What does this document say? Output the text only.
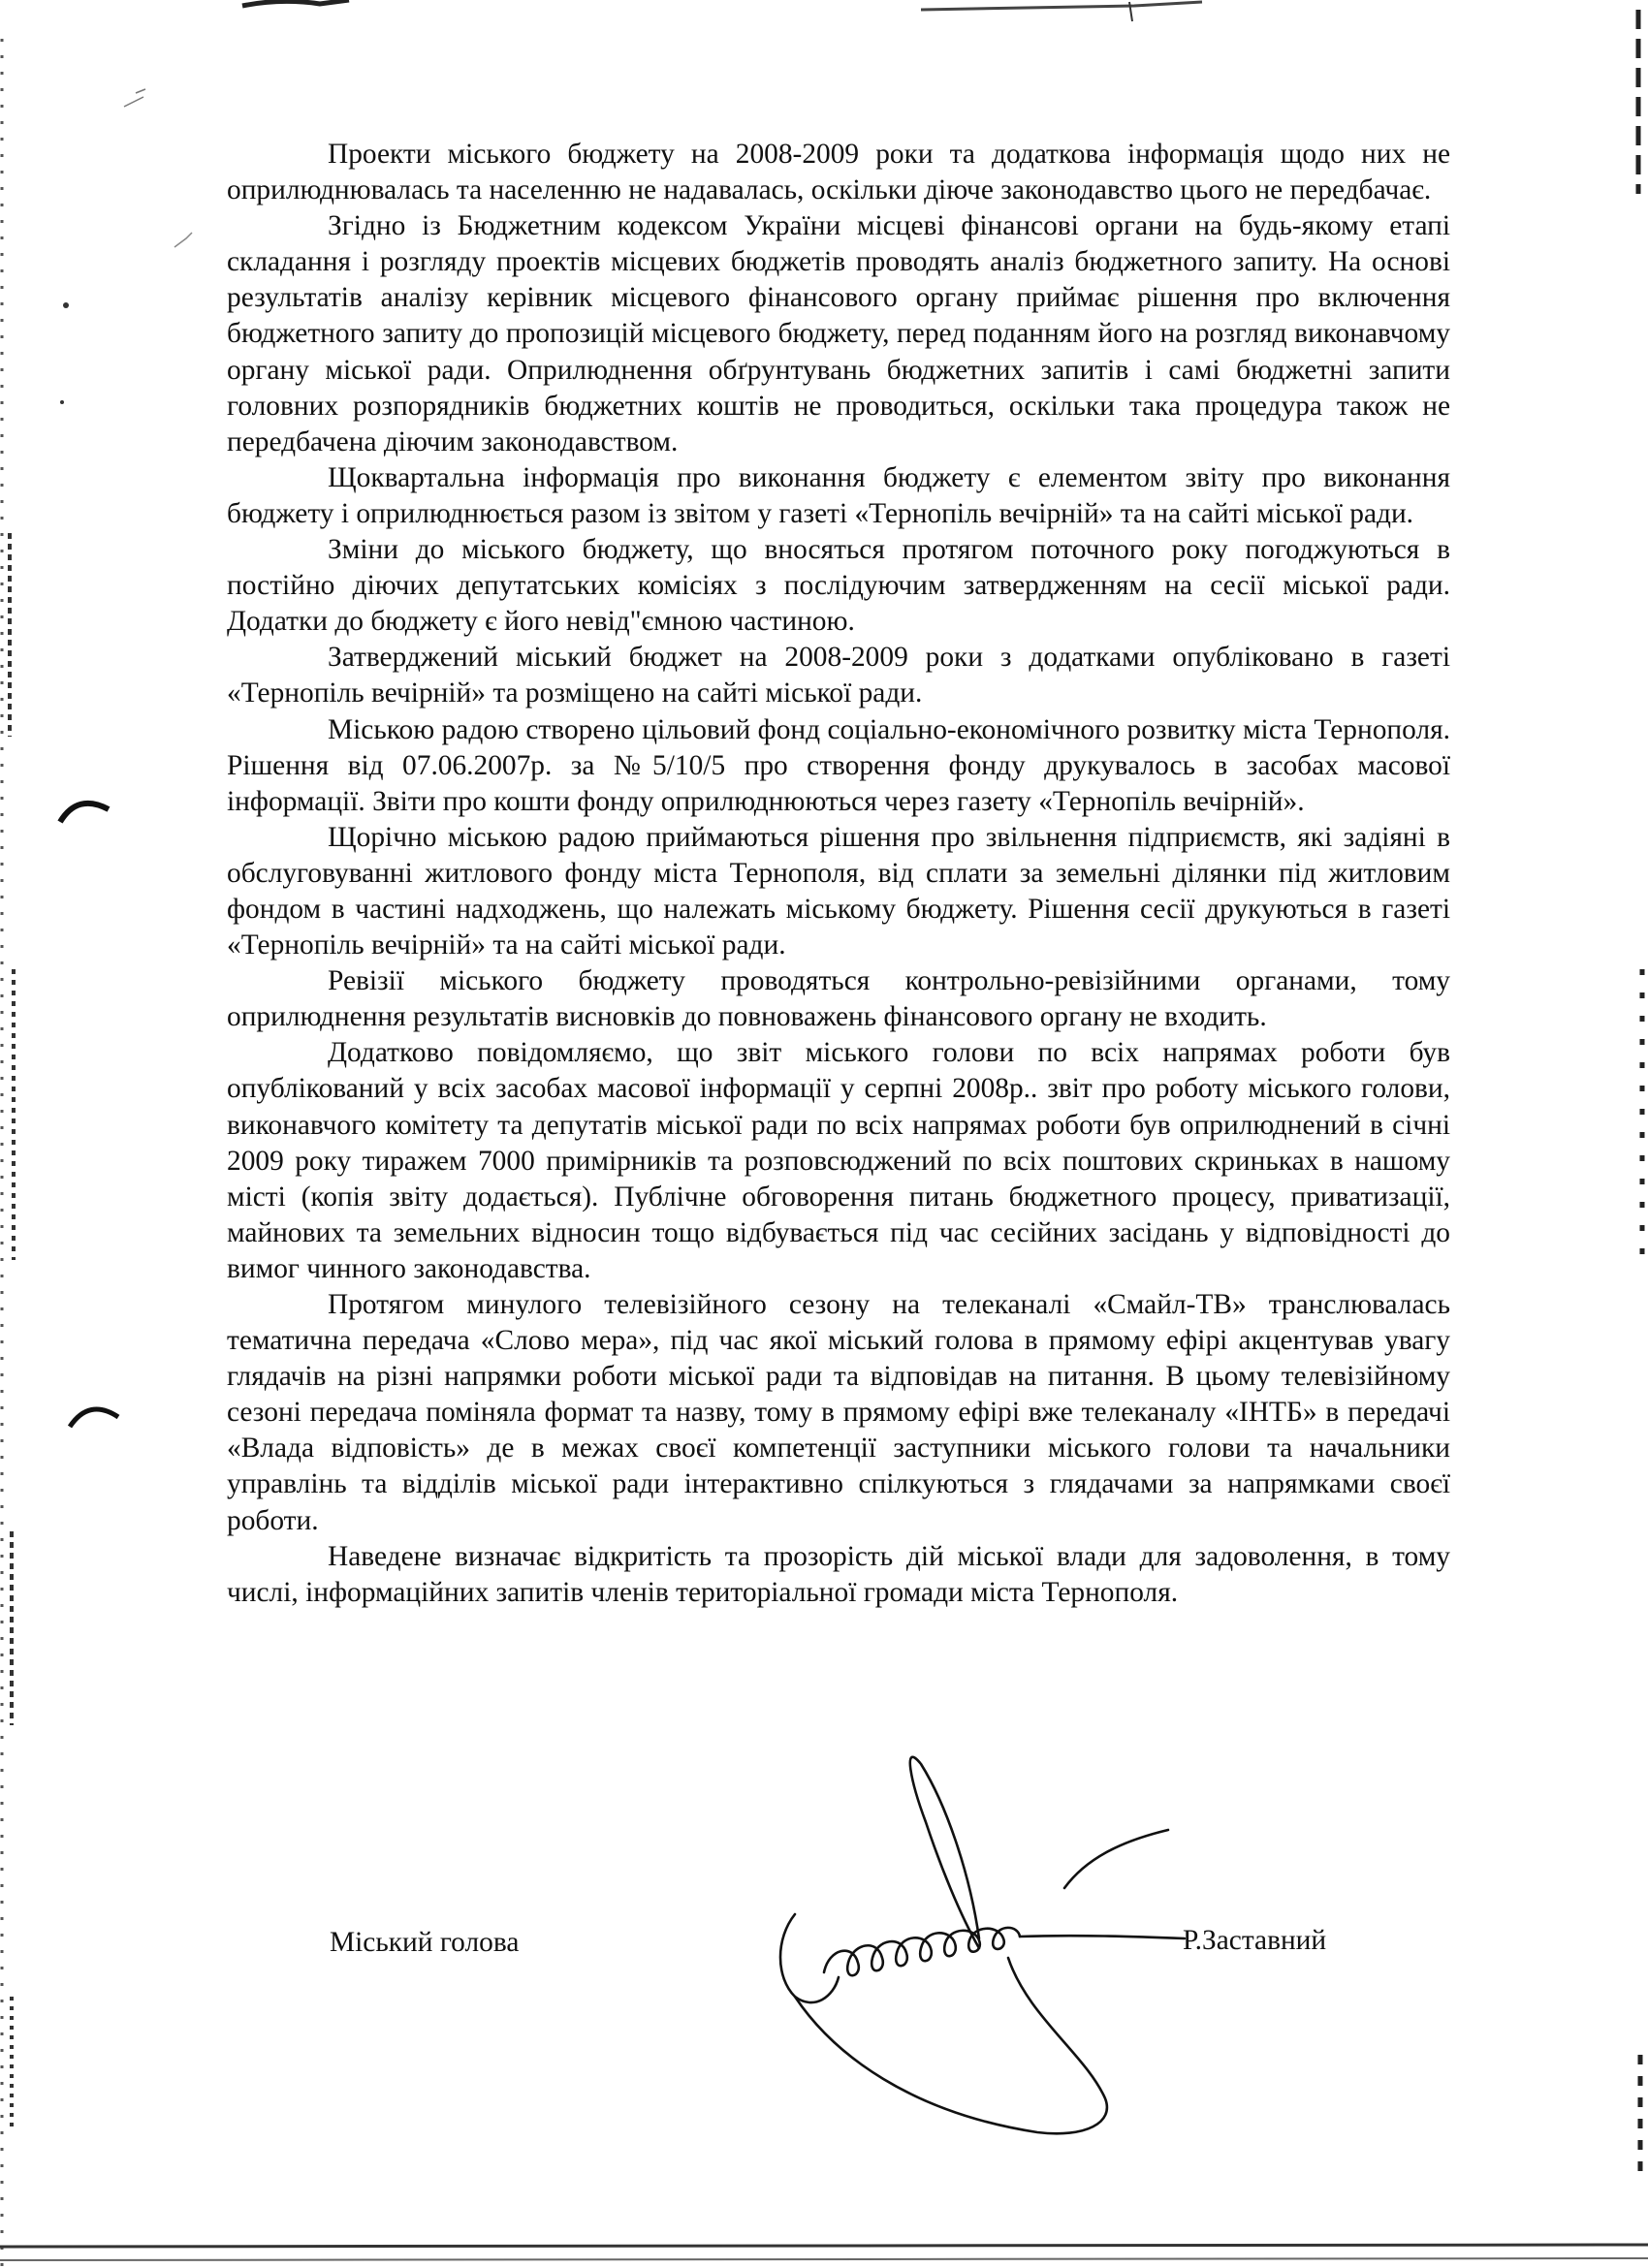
Проекти міського бюджету на 2008-2009 роки та додаткова інформація щодо них не оприлюднювалась та населенню не надавалась, оскільки діюче законодавство цього не передбачає.

Згідно із Бюджетним кодексом України місцеві фінансові органи на будь-якому етапі складання і розгляду проектів місцевих бюджетів проводять аналіз бюджетного запиту. На основі результатів аналізу керівник місцевого фінансового органу приймає рішення про включення бюджетного запиту до пропозицій місцевого бюджету, перед поданням його на розгляд виконавчому органу міської ради. Оприлюднення обґрунтувань бюджетних запитів і самі бюджетні запити головних розпорядників бюджетних коштів не проводиться, оскільки така процедура також не передбачена діючим законодавством.

Щоквартальна інформація про виконання бюджету є елементом звіту про виконання бюджету і оприлюднюється разом із звітом у газеті «Тернопіль вечірній» та на сайті міської ради.

Зміни до міського бюджету, що вносяться протягом поточного року погоджуються в постійно діючих депутатських комісіях з послідуючим затвердженням на сесії міської ради. Додатки до бюджету є його невід"ємною частиною.

Затверджений міський бюджет на 2008-2009 роки з додатками опубліковано в газеті «Тернопіль вечірній» та розміщено на сайті міської ради.

Міською радою створено цільовий фонд соціально-економічного розвитку міста Тернополя. Рішення від 07.06.2007р. за №5/10/5 про створення фонду друкувалось в засобах масової інформації. Звіти про кошти фонду оприлюднюються через газету «Тернопіль вечірній».

Щорічно міською радою приймаються рішення про звільнення підприємств, які задіяні в обслуговуванні житлового фонду міста Тернополя, від сплати за земельні ділянки під житловим фондом в частині надходжень, що належать міському бюджету. Рішення сесії друкуються в газеті «Тернопіль вечірній» та на сайті міської ради.

Ревізії міського бюджету проводяться контрольно-ревізійними органами, тому оприлюднення результатів висновків до повноважень фінансового органу не входить.

Додатково повідомляємо, що звіт міського голови по всіх напрямах роботи був опублікований у всіх засобах масової інформації у серпні 2008р.. звіт про роботу міського голови, виконавчого комітету та депутатів міської ради по всіх напрямах роботи був оприлюднений в січні 2009 року тиражем 7000 примірників та розповсюджений по всіх поштових скриньках в нашому місті (копія звіту додається). Публічне обговорення питань бюджетного процесу, приватизації, майнових та земельних відносин тощо відбувається під час сесійних засідань у відповідності до вимог чинного законодавства.

Протягом минулого телевізійного сезону на телеканалі «Смайл-ТВ» транслювалась тематична передача «Слово мера», під час якої міський голова в прямому ефірі акцентував увагу глядачів на різні напрямки роботи міської ради та відповідав на питання. В цьому телевізійному сезоні передача поміняла формат та назву, тому в прямому ефірі вже телеканалу «ІНТБ» в передачі «Влада відповість» де в межах своєї компетенції заступники міського голови та начальники управлінь та відділів міської ради інтерактивно спілкуються з глядачами за напрямками своєї роботи.

Наведене визначає відкритість та прозорість дій міської влади для задоволення, в тому числі, інформаційних запитів членів територіальної громади міста Тернополя.

Міський голова	Р.Заставний
